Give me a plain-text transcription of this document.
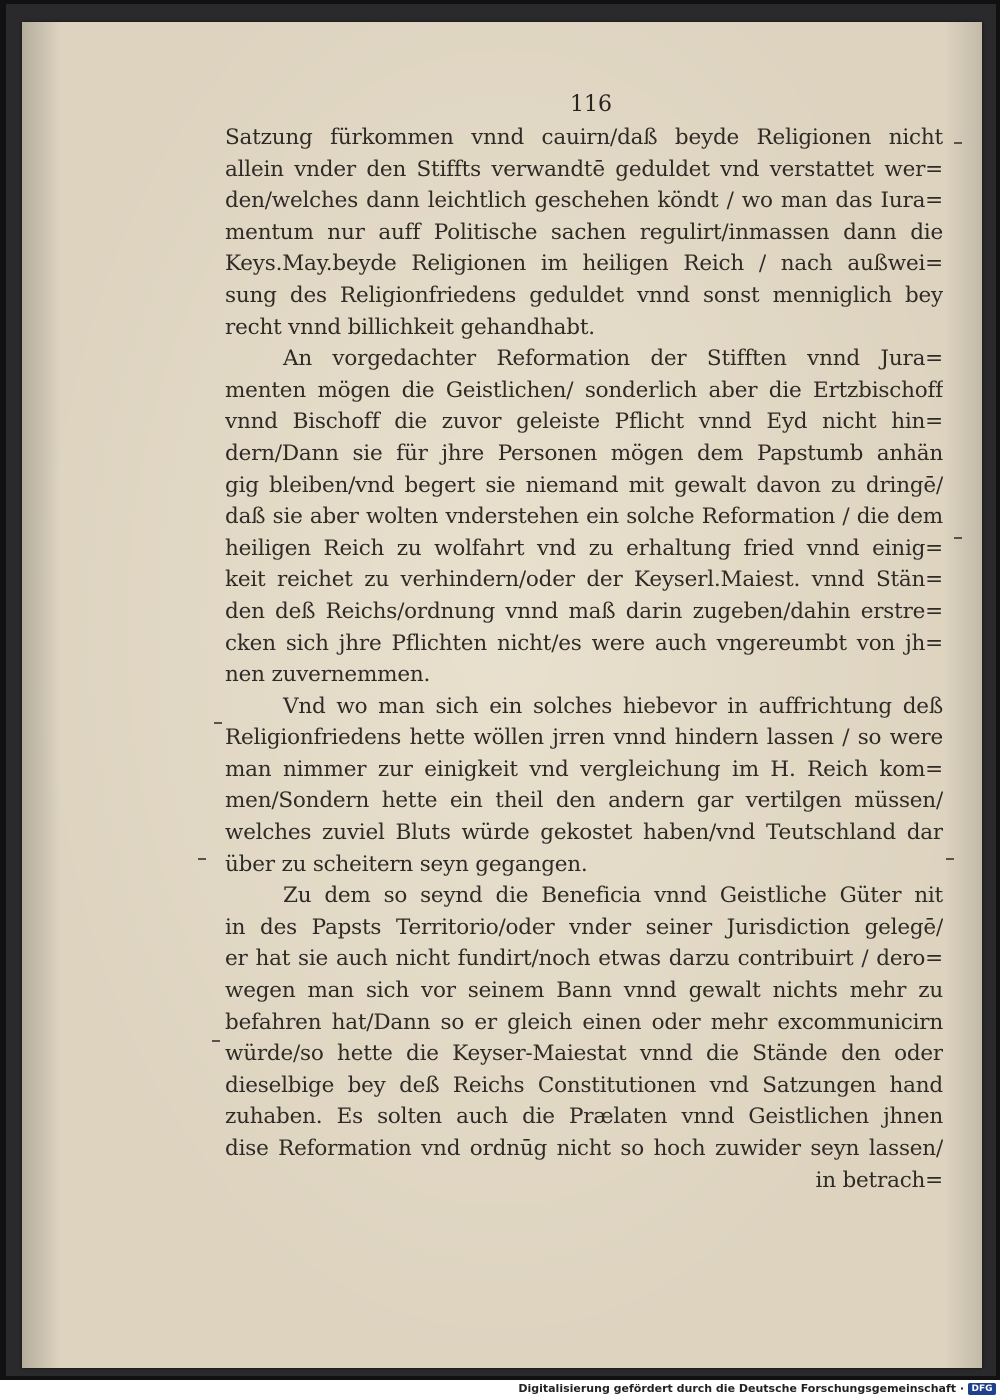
116
Satzung fürkommen vnnd cauirn/daß beyde Religionen nicht
allein vnder den Stiffts verwandtē geduldet vnd verstattet wer=
den/welches dann leichtlich geschehen köndt / wo man das Iura=
mentum nur auff Politische sachen regulirt/inmassen dann die
Keys.May.beyde Religionen im heiligen Reich / nach außwei=
sung des Religionfriedens geduldet vnnd sonst menniglich bey
recht vnnd billichkeit gehandhabt.
An vorgedachter Reformation der Stifften vnnd Jura=
menten mögen die Geistlichen/ sonderlich aber die Ertzbischoff
vnnd Bischoff die zuvor geleiste Pflicht vnnd Eyd nicht hin=
dern/Dann sie für jhre Personen mögen dem Papstumb anhän
gig bleiben/vnd begert sie niemand mit gewalt davon zu dringē/
daß sie aber wolten vnderstehen ein solche Reformation / die dem
heiligen Reich zu wolfahrt vnd zu erhaltung fried vnnd einig=
keit reichet zu verhindern/oder der Keyserl.Maiest. vnnd Stän=
den deß Reichs/ordnung vnnd maß darin zugeben/dahin erstre=
cken sich jhre Pflichten nicht/es were auch vngereumbt von jh=
nen zuvernemmen.
Vnd wo man sich ein solches hiebevor in auffrichtung deß
Religionfriedens hette wöllen jrren vnnd hindern lassen / so were
man nimmer zur einigkeit vnd vergleichung im H. Reich kom=
men/Sondern hette ein theil den andern gar vertilgen müssen/
welches zuviel Bluts würde gekostet haben/vnd Teutschland dar
über zu scheitern seyn gegangen.
Zu dem so seynd die Beneficia vnnd Geistliche Güter nit
in des Papsts Territorio/oder vnder seiner Jurisdiction gelegē/
er hat sie auch nicht fundirt/noch etwas darzu contribuirt / dero=
wegen man sich vor seinem Bann vnnd gewalt nichts mehr zu
befahren hat/Dann so er gleich einen oder mehr excommunicirn
würde/so hette die Keyser-Maiestat vnnd die Stände den oder
dieselbige bey deß Reichs Constitutionen vnd Satzungen hand
zuhaben. Es solten auch die Prælaten vnnd Geistlichen jhnen
dise Reformation vnd ordnūg nicht so hoch zuwider seyn lassen/
in betrach=
Digitalisierung gefördert durch die Deutsche Forschungsgemeinschaft · DFG
